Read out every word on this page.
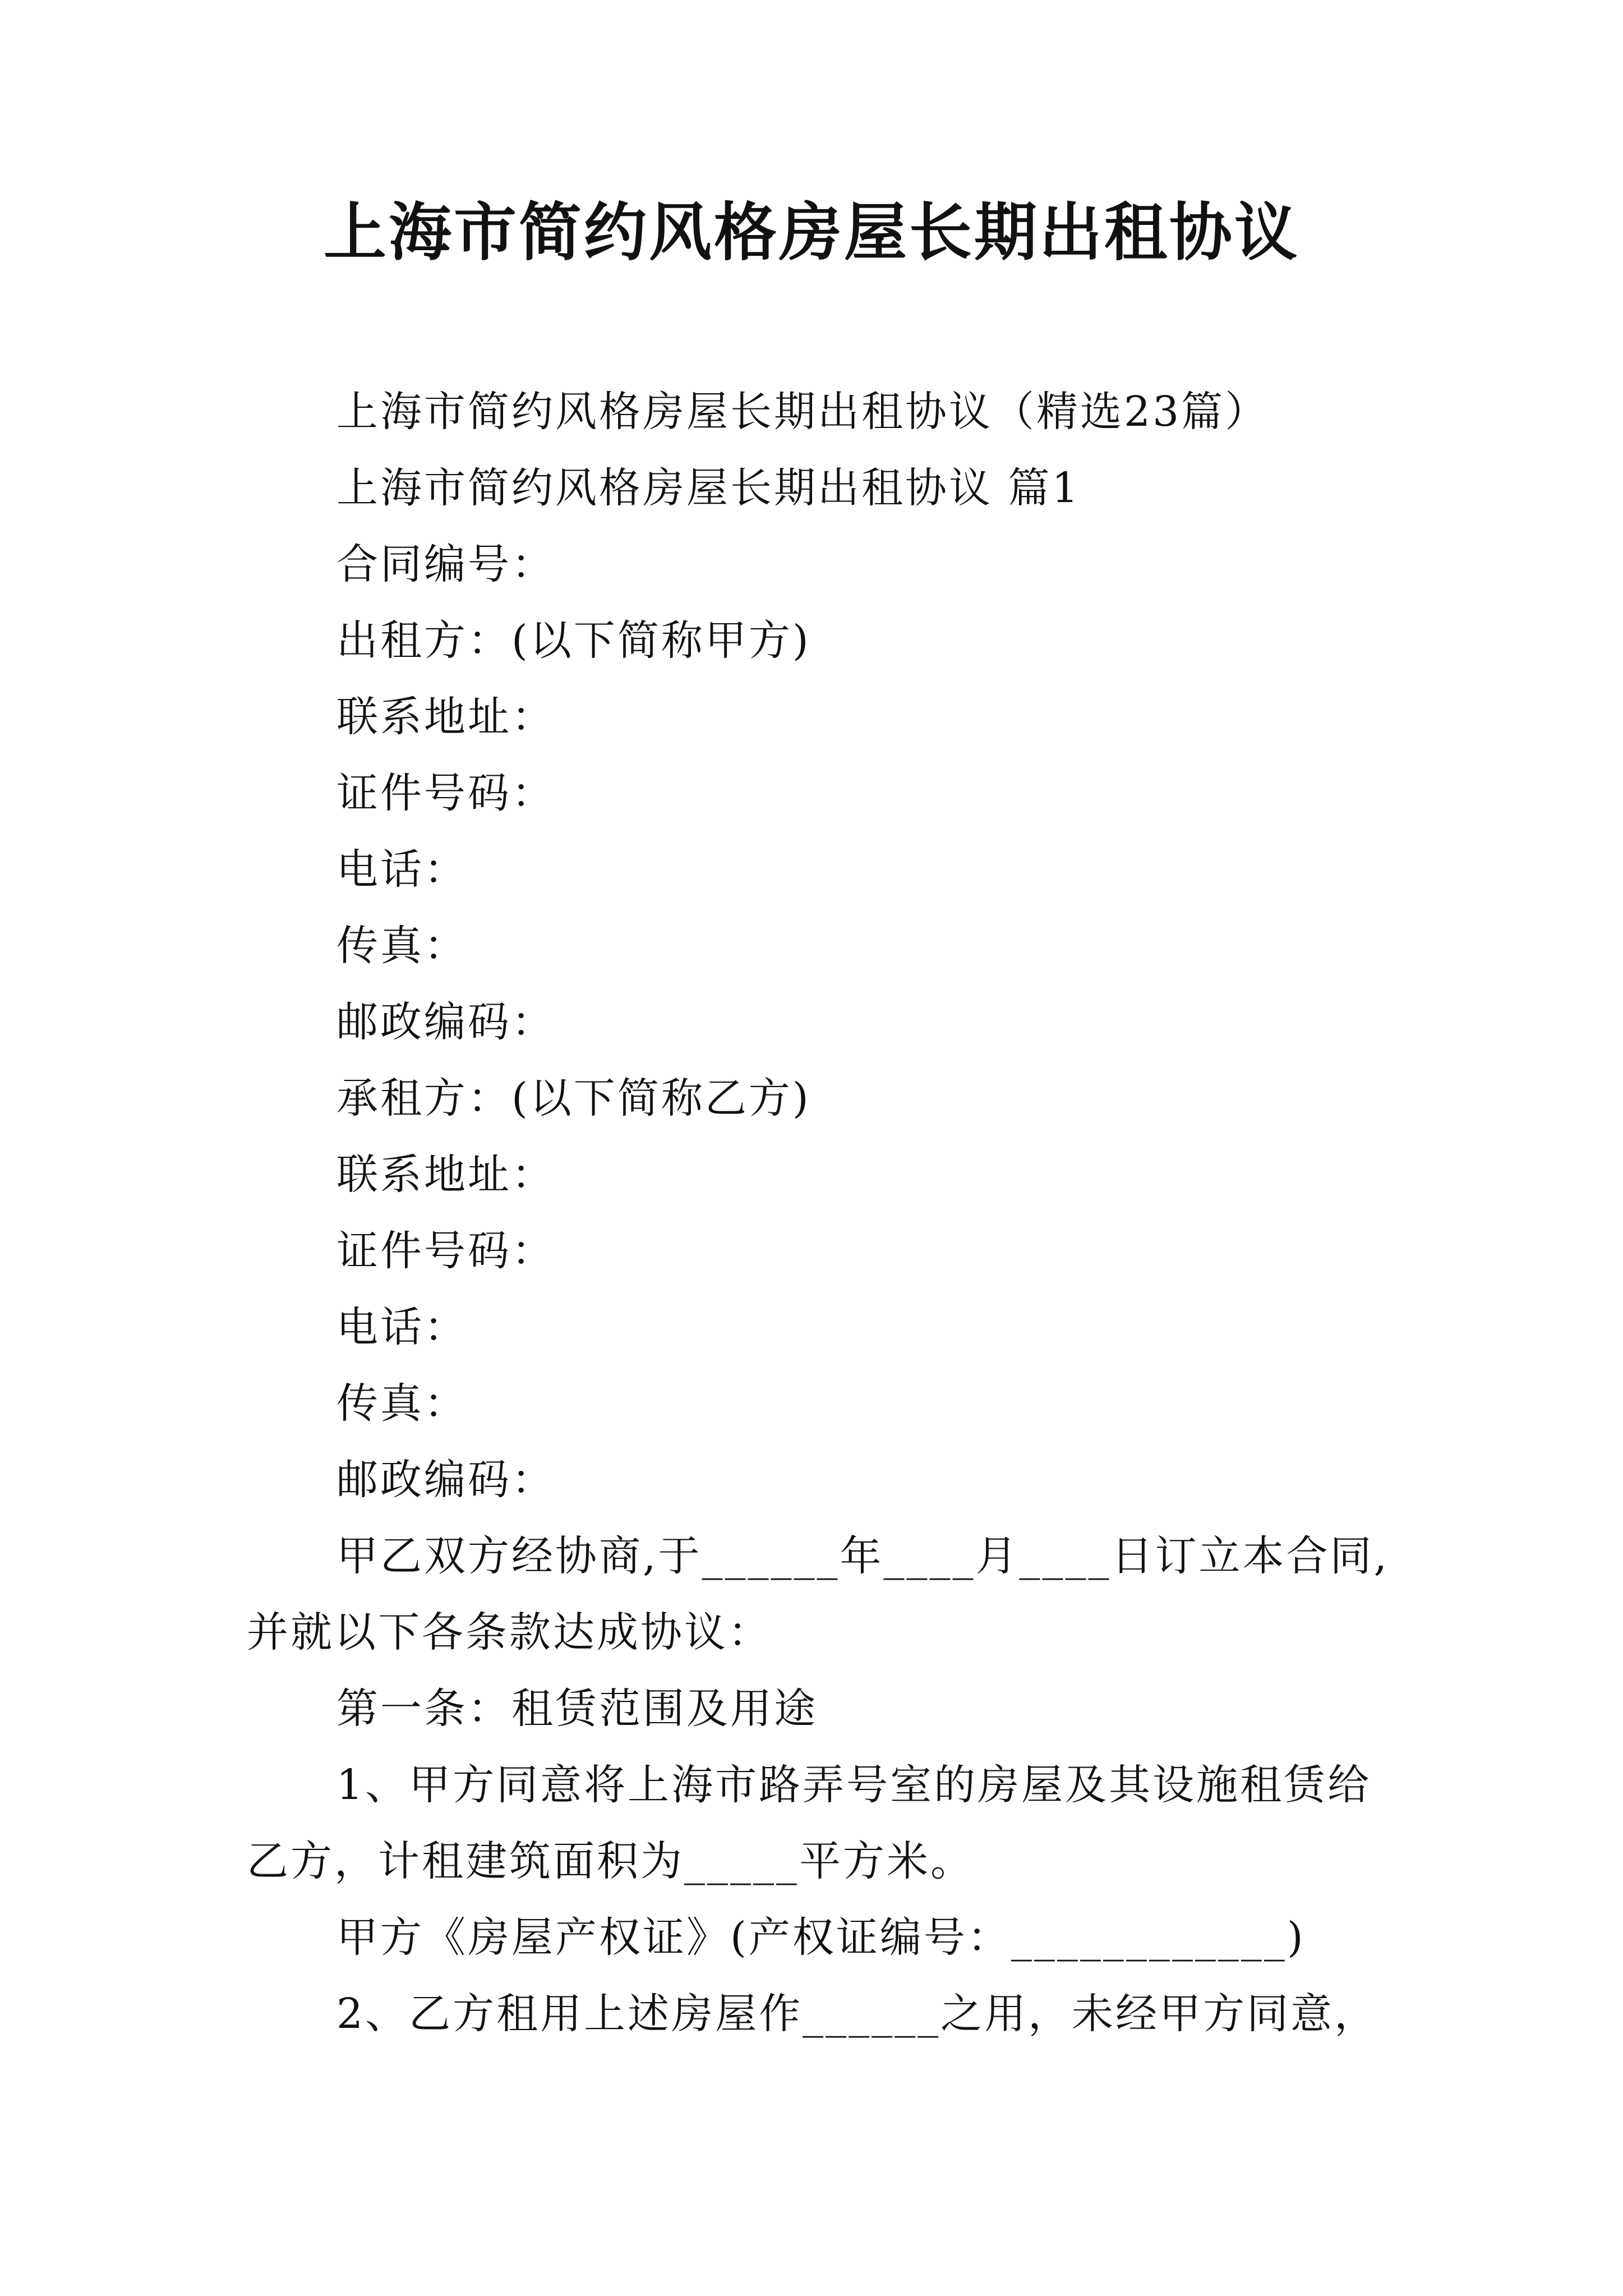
上海市简约风格房屋长期出租协议
上海市简约风格房屋长期出租协议（精选23篇）
上海市简约风格房屋长期出租协议 篇1
合同编号：
出租方：(以下简称甲方)
联系地址：
证件号码：
电话：
传真：
邮政编码：
承租方：(以下简称乙方)
联系地址：
证件号码：
电话：
传真：
邮政编码：
甲乙双方经协商,于______年____月____日订立本合同,
并就以下各条款达成协议：
第一条：租赁范围及用途
1、甲方同意将上海市路弄号室的房屋及其设施租赁给
乙方，计租建筑面积为_____平方米。
甲方《房屋产权证》(产权证编号：____________)
2、乙方租用上述房屋作______之用，未经甲方同意，
